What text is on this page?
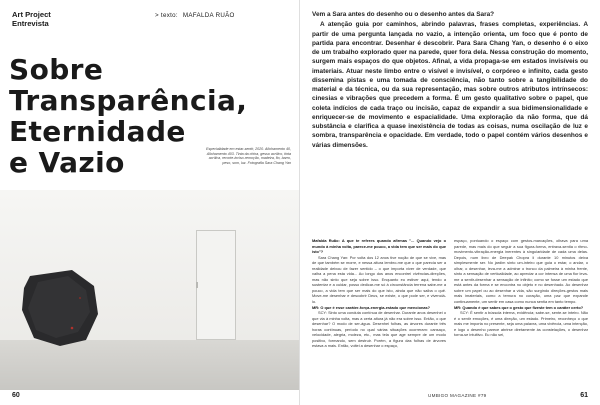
Art Project
Entrevista
> texto: MAFALDA RUÃO
Sobre
Transparência,
Eternidade
e Vazio	Especialidade em estar-sentir, 2020. Allohamento 40, Allohamento 403. Tinta da china, gesso acrílico, tinta acrílica, recorte-inciso-remoção, madeira, fio, barro, peso, som, luz. Fotografia Sara Chang Yan
60

Vem a Sara antes do desenho ou o desenho antes da Sara?

A atenção guia por caminhos, abrindo palavras, frases completas, experiências. A partir de uma pergunta lançada no vazio, a intenção orienta, um foco que é ponto de partida para encontrar. Desenhar é descobrir. Para Sara Chang Yan, o desenho é o eixo de um trabalho explorado quer na parede, quer fora dela. Nessa construção do momento, surgem mais espaços do que objetos. Afinal, a vida propaga-se em estados invisíveis ou imateriais. Atuar neste limbo entre o visível e invisível, o corpóreo e infinito, cada gesto dissemina pistas e uma tomada de consciência, não tanto sobre a tangibilidade do material e da técnica, ou da sua representação, mas sobre outros atributos intrínsecos: cinesias e vibrações que precedem a forma. É um gesto qualitativo sobre o papel, que coleta indícios de cada traço ou incisão, capaz de expandir a sua bidimensionalidade e enriquecer-se de movimento e espacialidade. Uma exploração da não forma, que dá substância e clarifica a quase inexistência de todas as coisas, numa oscilação de luz e sombra, transparência e opacidade. Em verdade, todo o papel contém vários desenhos e várias dimensões.

Mafalda Ruão: A que te referes quando afirmas "... Quando vejo o mundo à minha volta, parece-me pouco, a vida tem que ser mais do que isto"?

Sara Chang Yan: Por volta dos 12 anos tive noção de que se vive, mas de que também se morre, e nessa altura lembro-me que o que parecia ser a realidade deixou de fazer sentido – o que importa viver de verdade, que valha a pena esta vida... Ao longo dos anos encontrei vivências-direções, mas não sinto que seja sobre isso. Enquanto eu estiver aqui, tendo a sustentar e a cuidar, posso dedicar-me só à circunstância terrena sabe-me a pouco, a vida tem que ser mais do que isto, ainda que não saiba o quê. Move-me desenhar e descobrir Deus, se existe, o que pode ser, e vivenciá-lo.

MR: O que é esse caráter-força-energia-estado que mencionas?

SCY: Sinto uma conduta contínua de desenhar. Durante anos desenhei o que via à minha volta, mas a certa altura já não era sobre isso. Então, o que desenhar? O modo de ser-água. Desenhei folhas, as árvores durante três horas contínuas, período no qual várias situações ocorreram: cansaço, velocidade, alegria, moleza, etc., mas tela que age sempre de um modo positivo, formando, sem destruir. Porém, a figura das folhas de árvores estava a mais. Então, voltei a desenhar o espaço,

espaço, pontuando o espaço com gestos-marcações, olhava para uma parede, mas mais do que seguir a sua figura-forma, entrava-sentia o ritmo-movimento-vibração-energia inerentes à singularidade de cada uma delas. Depois, num livro de Deepak Chopra li durante 10 minutos deixa simplesmente ser. No jardim sinto um-inteiro que guia o estar, o andar, o olhar, o desenhar, leva-me a admirar o tronco da palmeira à minha frente, sinto a sensação de verticalidade, ao apreciar a cor intensa de uma flor leva-me a sentir-desenhar a sensação de infinito; como se fosse um estado que está antes da forma e se encontra no objeto e no desenhado. Ao desenhar sobre um papel ou ao desenhar a vida, são surgindo direções-gestos mais mais imateriais, como a ternura no coração, uma paz que expande continuamente, um sentir em casa como nunca sentia em tanto tempo.

MR: Quando é que sabes que o gesto que fizeste tem o caráter certo?

SCY: É sentir a bússola interna, evidência; sabe-se, sente-se inteiro. Não é o sentir emoções, é uma direção, um estado. Primeiro, reconheço o que mais me importa no presente, seja uma palavra, uma vivência, uma intenção, e logo o desenho parece abrirse diretamente às constelações, o desenhar torna-se intuitivo. Eu não sei,

UMBIGO MAGAZINE #79	61
